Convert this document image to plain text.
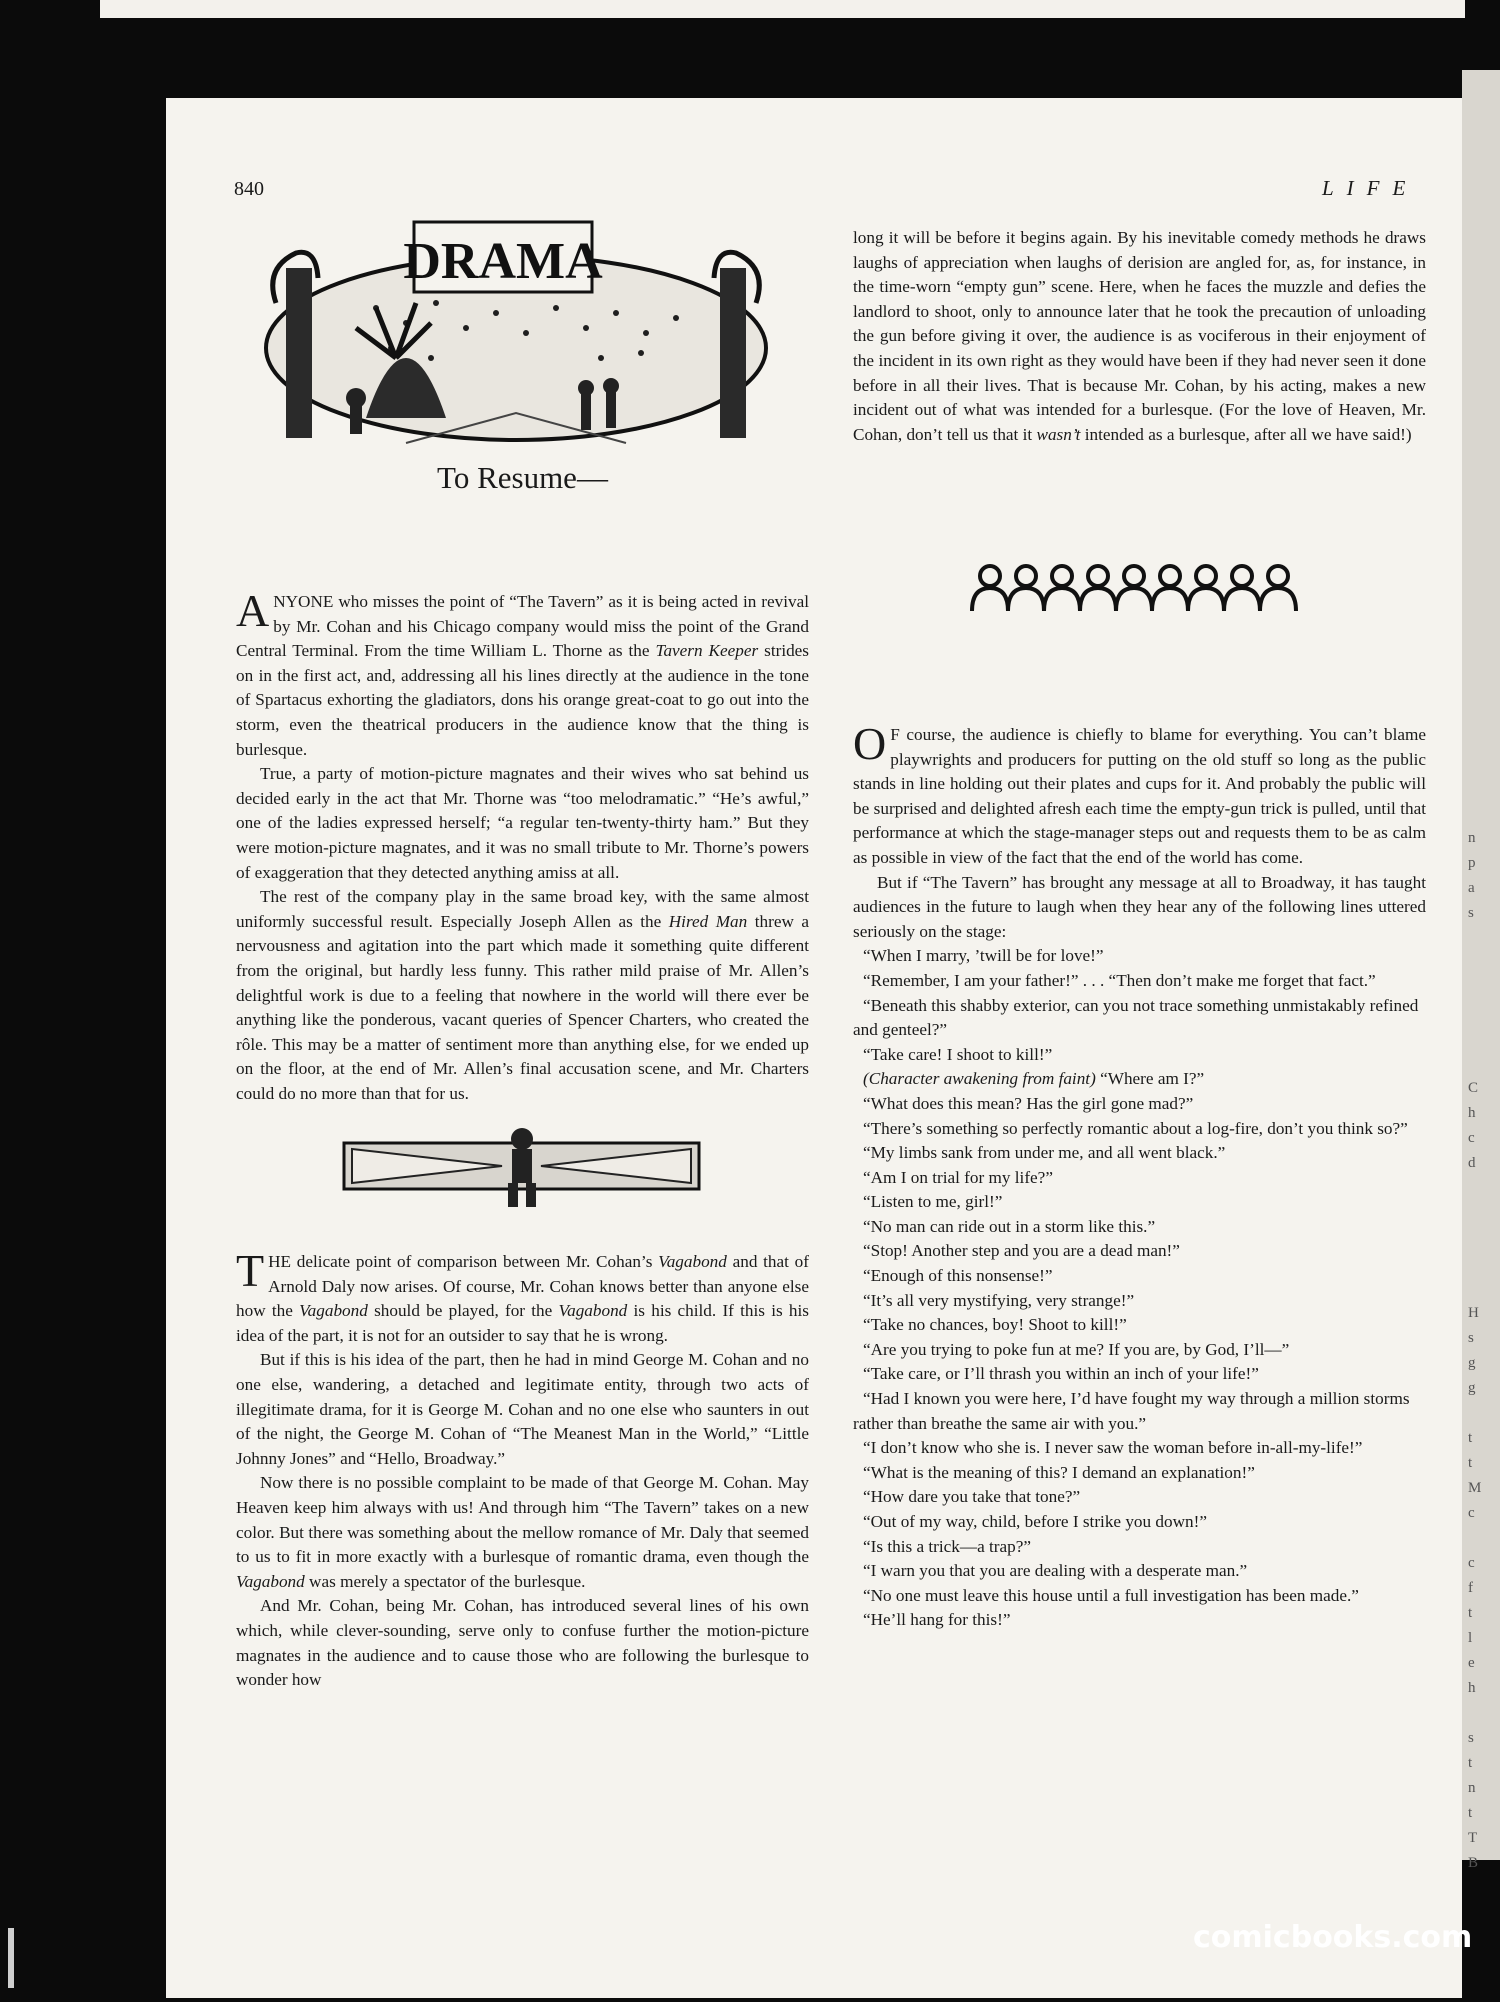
n
p
a
s
C
h
c
d
H
s
g
g
t
t
M
c
c
f
t
l
e
h
s
t
n
t
T
B
840	LIFE
DRAMA
To Resume—

ANYONE who misses the point of “The Tavern” as it is being acted in revival by Mr. Cohan and his Chicago company would miss the point of the Grand Central Terminal. From the time William L. Thorne as the Tavern Keeper strides on in the first act, and, addressing all his lines directly at the audience in the tone of Spartacus exhorting the gladiators, dons his orange great-coat to go out into the storm, even the theatrical producers in the audience know that the thing is burlesque.

True, a party of motion-picture magnates and their wives who sat behind us decided early in the act that Mr. Thorne was “too melodramatic.” “He’s awful,” one of the ladies expressed herself; “a regular ten-twenty-thirty ham.” But they were motion-picture magnates, and it was no small tribute to Mr. Thorne’s powers of exaggeration that they detected anything amiss at all.

The rest of the company play in the same broad key, with the same almost uniformly successful result. Especially Joseph Allen as the Hired Man threw a nervousness and agitation into the part which made it something quite different from the original, but hardly less funny. This rather mild praise of Mr. Allen’s delightful work is due to a feeling that nowhere in the world will there ever be anything like the ponderous, vacant queries of Spencer Charters, who created the rôle. This may be a matter of sentiment more than anything else, for we ended up on the floor, at the end of Mr. Allen’s final accusation scene, and Mr. Charters could do no more than that for us.

THE delicate point of comparison between Mr. Cohan’s Vagabond and that of Arnold Daly now arises. Of course, Mr. Cohan knows better than anyone else how the Vagabond should be played, for the Vagabond is his child. If this is his idea of the part, it is not for an outsider to say that he is wrong.

But if this is his idea of the part, then he had in mind George M. Cohan and no one else, wandering, a detached and legitimate entity, through two acts of illegitimate drama, for it is George M. Cohan and no one else who saunters in out of the night, the George M. Cohan of “The Meanest Man in the World,” “Little Johnny Jones” and “Hello, Broadway.”

Now there is no possible complaint to be made of that George M. Cohan. May Heaven keep him always with us! And through him “The Tavern” takes on a new color. But there was something about the mellow romance of Mr. Daly that seemed to us to fit in more exactly with a burlesque of romantic drama, even though the Vagabond was merely a spectator of the burlesque.

And Mr. Cohan, being Mr. Cohan, has introduced several lines of his own which, while clever-sounding, serve only to confuse further the motion-picture magnates in the audience and to cause those who are following the burlesque to wonder how

long it will be before it begins again. By his inevitable comedy methods he draws laughs of appreciation when laughs of derision are angled for, as, for instance, in the time-worn “empty gun” scene. Here, when he faces the muzzle and defies the landlord to shoot, only to announce later that he took the precaution of unloading the gun before giving it over, the audience is as vociferous in their enjoyment of the incident in its own right as they would have been if they had never seen it done before in all their lives. That is because Mr. Cohan, by his acting, makes a new incident out of what was intended for a burlesque. (For the love of Heaven, Mr. Cohan, don’t tell us that it wasn’t intended as a burlesque, after all we have said!)

O F course, the audience is chiefly to blame for everything. You can’t blame playwrights and producers for putting on the old stuff so long as the public stands in line holding out their plates and cups for it. And probably the public will be surprised and delighted afresh each time the empty-gun trick is pulled, until that performance at which the stage-manager steps out and requests them to be as calm as possible in view of the fact that the end of the world has come.

But if “The Tavern” has brought any message at all to Broadway, it has taught audiences in the future to laugh when they hear any of the following lines uttered seriously on the stage:

“When I marry, ’twill be for love!”

“Remember, I am your father!” . . . “Then don’t make me forget that fact.”

“Beneath this shabby exterior, can you not trace something unmistakably refined and genteel?”

“Take care! I shoot to kill!”

(Character awakening from faint) “Where am I?”

“What does this mean? Has the girl gone mad?”

“There’s something so perfectly romantic about a log-fire, don’t you think so?”

“My limbs sank from under me, and all went black.”

“Am I on trial for my life?”

“Listen to me, girl!”

“No man can ride out in a storm like this.”

“Stop! Another step and you are a dead man!”

“Enough of this nonsense!”

“It’s all very mystifying, very strange!”

“Take no chances, boy! Shoot to kill!”

“Are you trying to poke fun at me? If you are, by God, I’ll—”

“Take care, or I’ll thrash you within an inch of your life!”

“Had I known you were here, I’d have fought my way through a million storms rather than breathe the same air with you.”

“I don’t know who she is. I never saw the woman before in-all-my-life!”

“What is the meaning of this? I demand an explanation!”

“How dare you take that tone?”

“Out of my way, child, before I strike you down!”

“Is this a trick—a trap?”

“I warn you that you are dealing with a desperate man.”

“No one must leave this house until a full investigation has been made.”

“He’ll hang for this!”

comicbooks.com
